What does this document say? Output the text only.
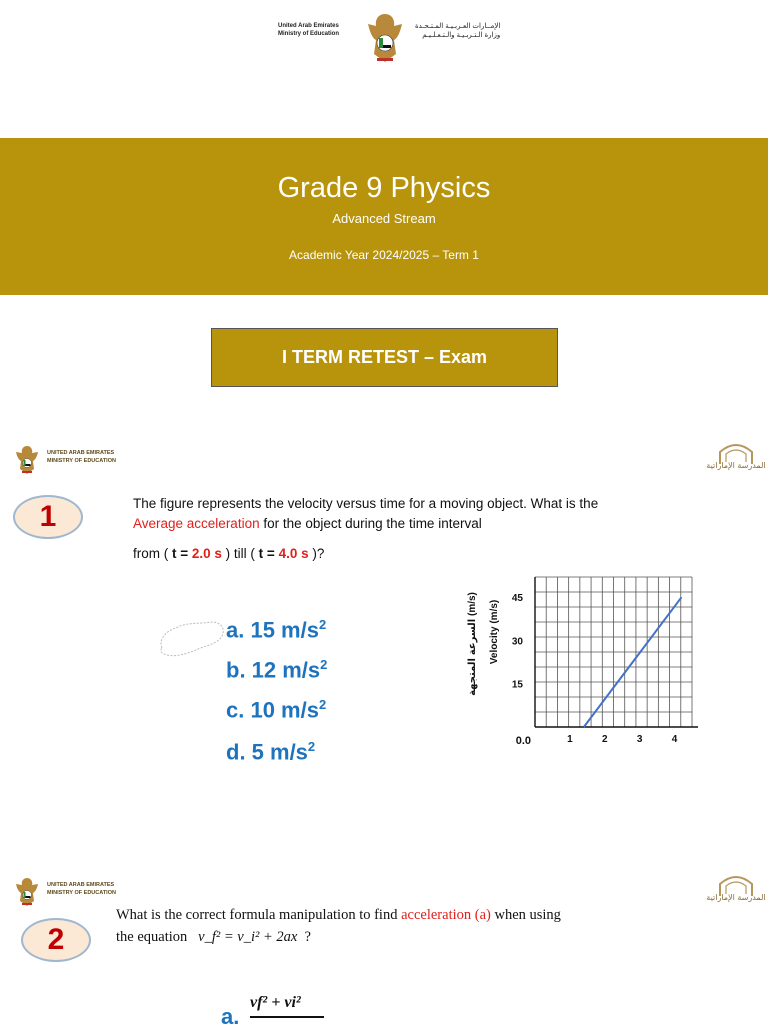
United Arab Emirates
Ministry of Education
الإمــارات العـربـيـة المـتـحـدة
وزارة الـتـربـيـة والـتـعـلـيـم
Grade 9 Physics
Advanced Stream
Academic Year 2024/2025 – Term 1
I TERM RETEST – Exam
UNITED ARAB EMIRATES
MINISTRY OF EDUCATION	المدرسة الإماراتية
1	The figure represents the velocity versus time for a moving object. What is the
Average acceleration for the object during the time interval
from ( t = 2.0 s ) till ( t = 4.0 s )?
a. 15 $m/s^2$
b. 12 $m/s^2$
c. 10 $m/s^2$
d. 5 $m/s^2$	1	2	3	4
15
30
45
0.0
Velocity (m/s)
السرعة المتجهة (m/s)
UNITED ARAB EMIRATES
MINISTRY OF EDUCATION	المدرسة الإماراتية
2
What is the correct formula manipulation to find acceleration (a) when using
the equation v_f² = v_i² + 2ax ?
vf² + vi²
a.
